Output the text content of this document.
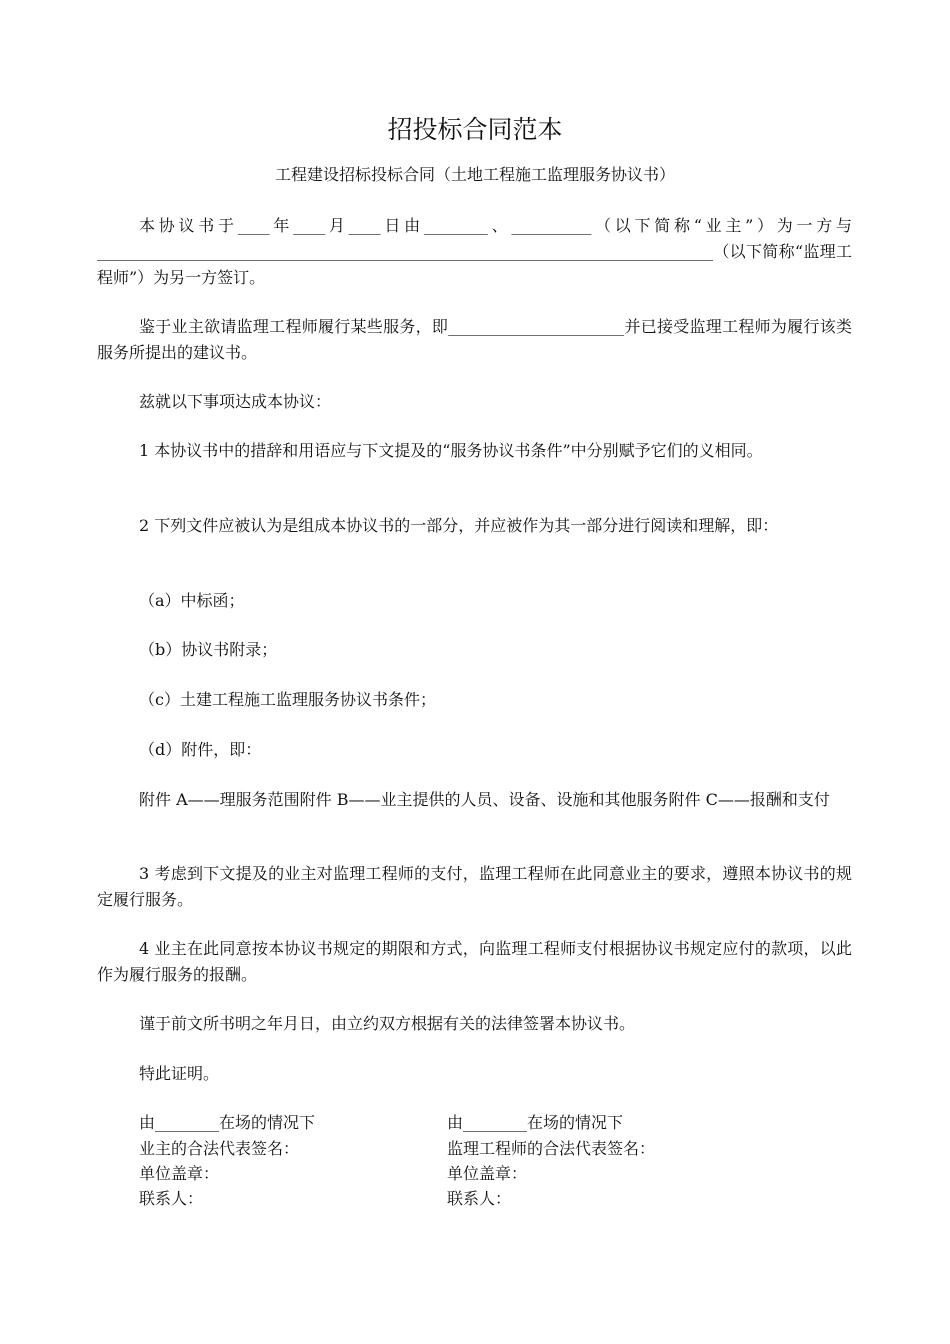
招投标合同范本
工程建设招标投标合同（土地工程施工监理服务协议书）

本协议书于____年____月____日由________、__________（以下简称“业主”）为一方与_____________________________________________________________________________（以下简称“监理工程师”）为另一方签订。

鉴于业主欲请监理工程师履行某些服务，即______________________并已接受监理工程师为履行该类服务所提出的建议书。

兹就以下事项达成本协议：

1 本协议书中的措辞和用语应与下文提及的“服务协议书条件”中分别赋予它们的义相同。

2 下列文件应被认为是组成本协议书的一部分，并应被作为其一部分进行阅读和理解，即：

（a）中标函；
（b）协议书附录；
（c）土建工程施工监理服务协议书条件；
（d）附件，即：

附件 A——理服务范围附件 B——业主提供的人员、设备、设施和其他服务附件 C——报酬和支付

3 考虑到下文提及的业主对监理工程师的支付，监理工程师在此同意业主的要求，遵照本协议书的规定履行服务。

4 业主在此同意按本协议书规定的期限和方式，向监理工程师支付根据协议书规定应付的款项，以此作为履行服务的报酬。

谨于前文所书明之年月日，由立约双方根据有关的法律签署本协议书。

特此证明。

由________在场的情况下
业主的合法代表签名：
单位盖章：
联系人：
由________在场的情况下
监理工程师的合法代表签名：
单位盖章：
联系人：
